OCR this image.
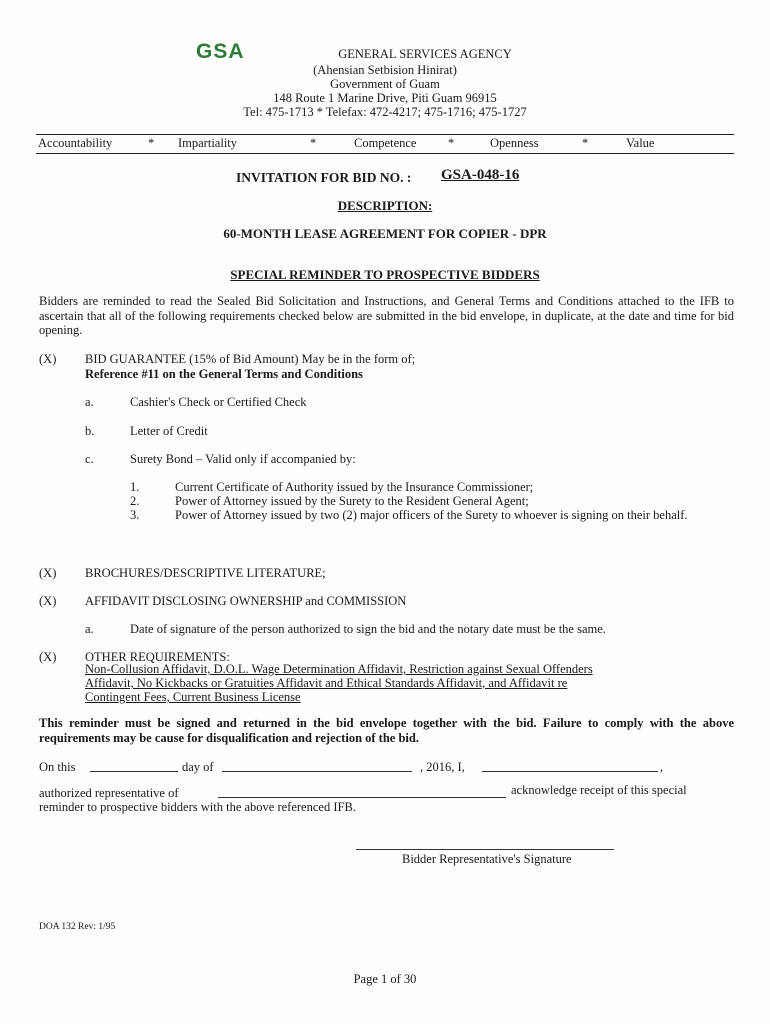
GSA	GENERAL SERVICES AGENCY
(Ahensian Setbision Hinirat)
Government of Guam
148 Route 1 Marine Drive, Piti Guam 96915
Tel: 475-1713 * Telefax: 472-4217; 475-1716; 475-1727
Accountability	* Impartiality	*	Competence	*	Openness	*	Value
INVITATION FOR BID NO. : GSA-048-16
DESCRIPTION:
60-MONTH LEASE AGREEMENT FOR COPIER - DPR
SPECIAL REMINDER TO PROSPECTIVE BIDDERS
Bidders are reminded to read the Sealed Bid Solicitation and Instructions, and General Terms and Conditions attached to the IFB to ascertain that all of the following requirements checked below are submitted in the bid envelope, in duplicate, at the date and time for bid opening.
(X) BID GUARANTEE (15% of Bid Amount) May be in the form of;
Reference #11 on the General Terms and Conditions
a.	Cashier's Check or Certified Check
b.	Letter of Credit
c.	Surety Bond – Valid only if accompanied by:
1.	Current Certificate of Authority issued by the Insurance Commissioner;
2.	Power of Attorney issued by the Surety to the Resident General Agent;
3.	Power of Attorney issued by two (2) major officers of the Surety to whoever is signing on their behalf.
(X) BROCHURES/DESCRIPTIVE LITERATURE;
(X) AFFIDAVIT DISCLOSING OWNERSHIP and COMMISSION
a.	Date of signature of the person authorized to sign the bid and the notary date must be the same.
(X) OTHER REQUIREMENTS:
Non-Collusion Affidavit, D.O.L. Wage Determination Affidavit, Restriction against Sexual Offenders
Affidavit, No Kickbacks or Gratuities Affidavit and Ethical Standards Affidavit, and Affidavit re
Contingent Fees, Current Business License
This reminder must be signed and returned in the bid envelope together with the bid. Failure to comply with the above requirements may be cause for disqualification and rejection of the bid.
On this	day of	, 2016, I,	,
authorized representative of	acknowledge receipt of this special
reminder to prospective bidders with the above referenced IFB.
Bidder Representative's Signature
DOA 132 Rev: 1/95
Page 1 of 30
